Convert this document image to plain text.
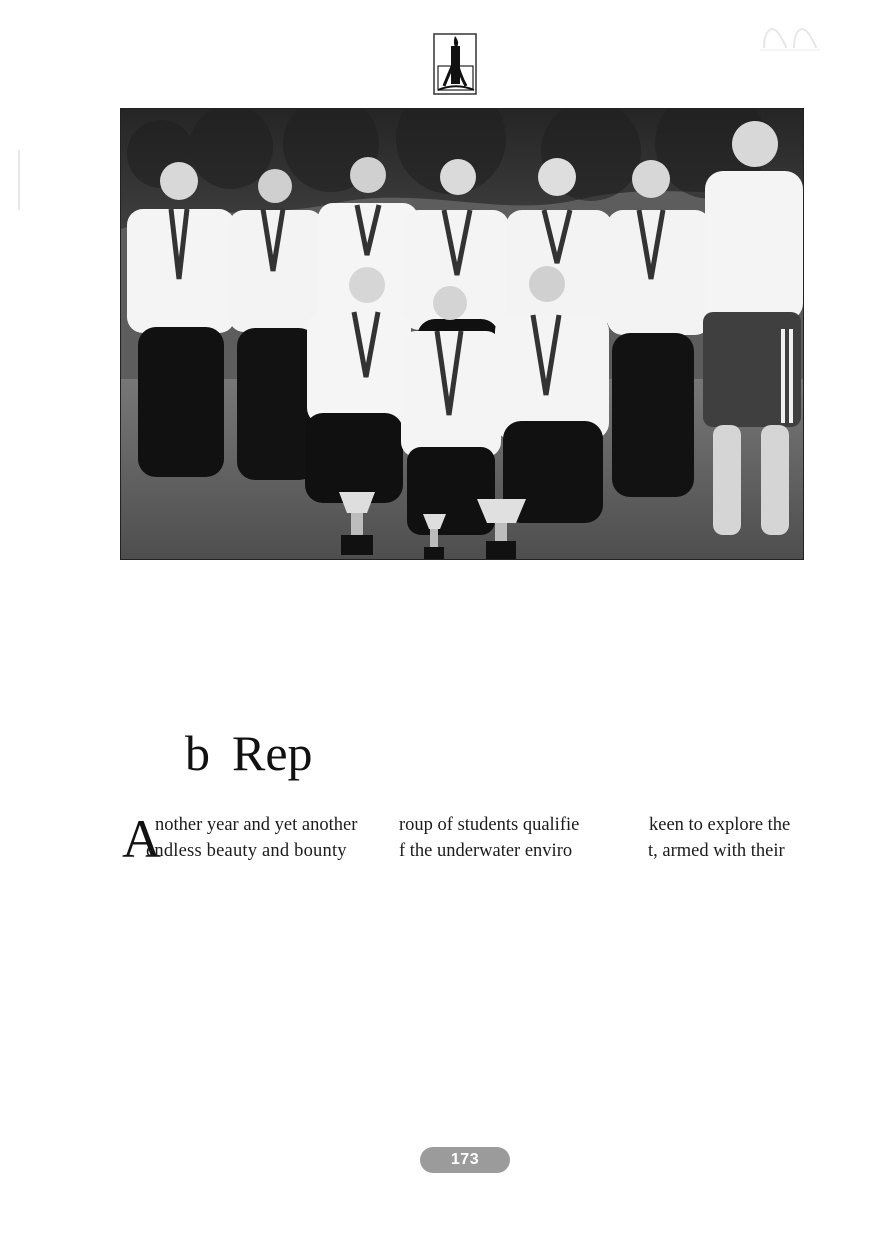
b Rep
A
nother year and yet another roup of students qualifie	keen to explore the
endless beauty and bounty	f the underwater enviro	t, armed with their
173
